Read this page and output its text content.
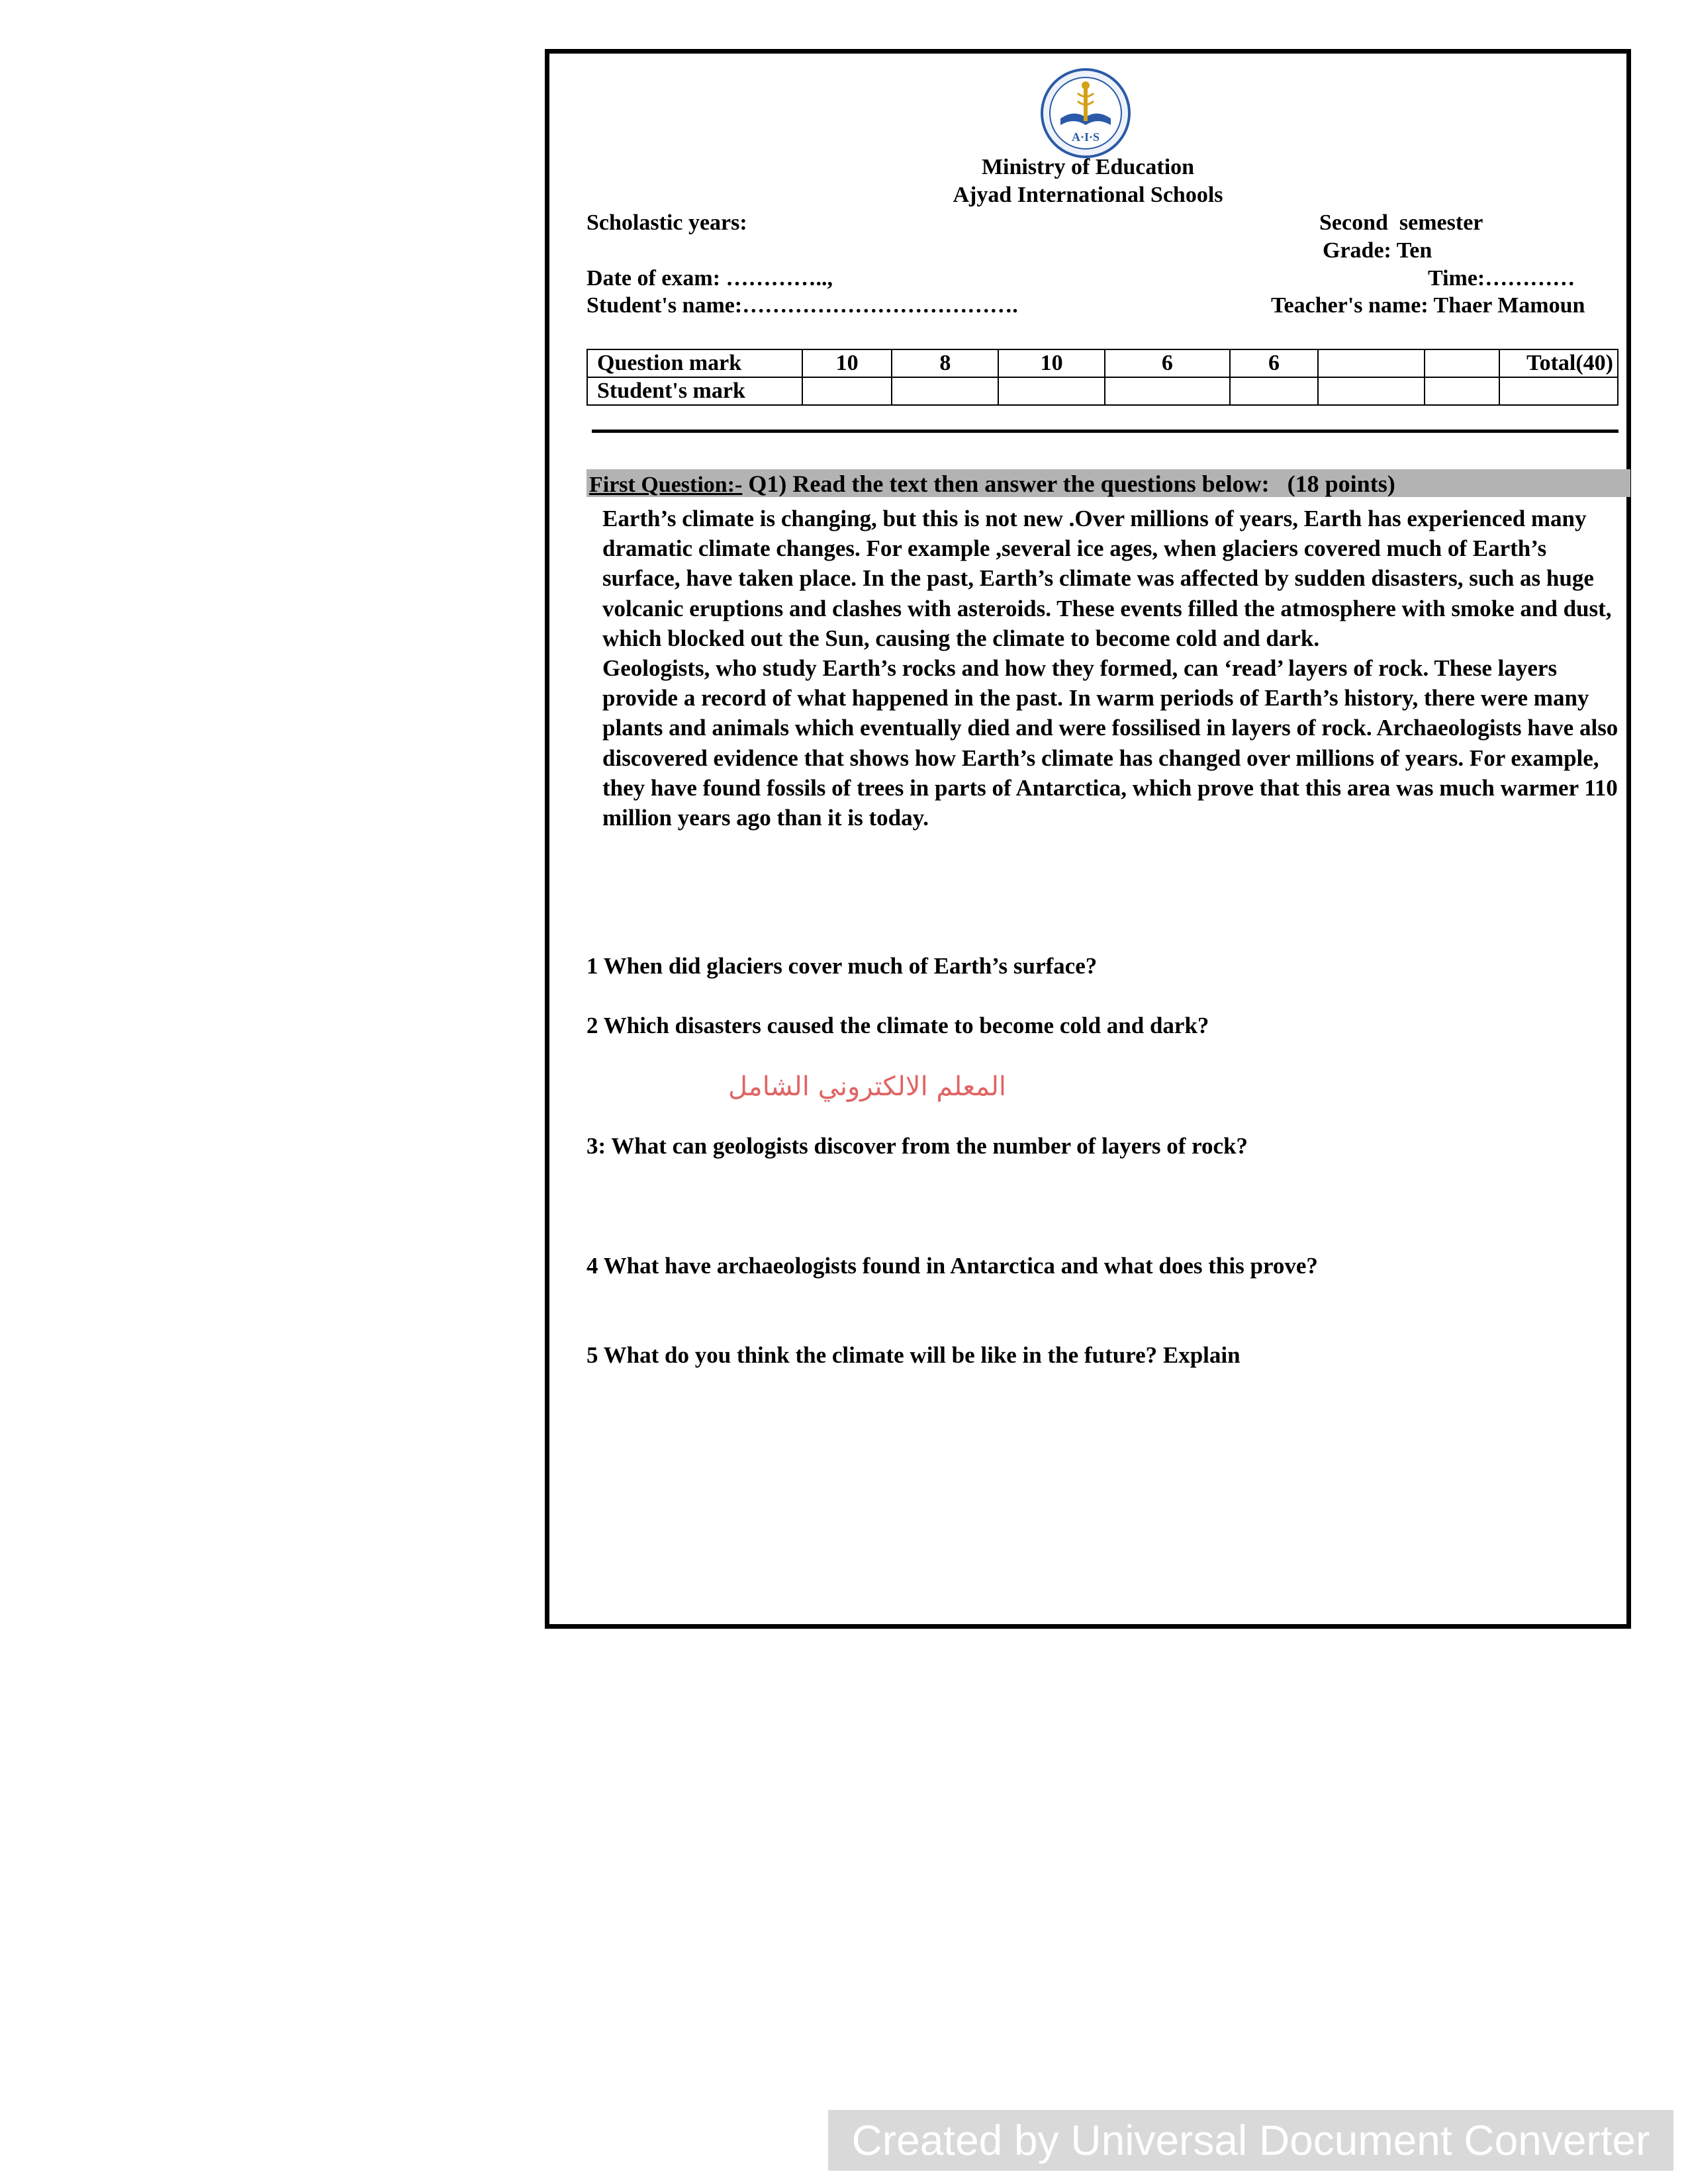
A·I·S
Ministry of Education
Ajyad International Schools
Scholastic years:	Second  semester
Grade: Ten
Date of exam: …………..,	Time:…………
Student's name:……………………………….	Teacher's name: Thaer Mamoun
Question mark	10	8	10	6	6			Total(40)
Student's mark								
First Question:- Q1) Read the text then answer the questions below:   (18 points)

Earth’s climate is changing, but this is not new .Over millions of years, Earth has experienced many dramatic climate changes. For example ,several ice ages, when glaciers covered much of Earth’s surface, have taken place. In the past, Earth’s climate was affected by sudden disasters, such as huge volcanic eruptions and clashes with asteroids. These events filled the atmosphere with smoke and dust, which blocked out the Sun, causing the climate to become cold and dark.

Geologists, who study Earth’s rocks and how they formed, can ‘read’ layers of rock. These layers provide a record of what happened in the past. In warm periods of Earth’s history, there were many plants and animals which eventually died and were fossilised in layers of rock. Archaeologists have also discovered evidence that shows how Earth’s climate has changed over millions of years. For example, they have found fossils of trees in parts of Antarctica, which prove that this area was much warmer 110 million years ago than it is today.

1 When did glaciers cover much of Earth’s surface?
2 Which disasters caused the climate to become cold and dark?
المعلم الالكتروني الشامل
3: What can geologists discover from the number of layers of rock?
4 What have archaeologists found in Antarctica and what does this prove?
5 What do you think the climate will be like in the future? Explain
Created by Universal Document Converter
